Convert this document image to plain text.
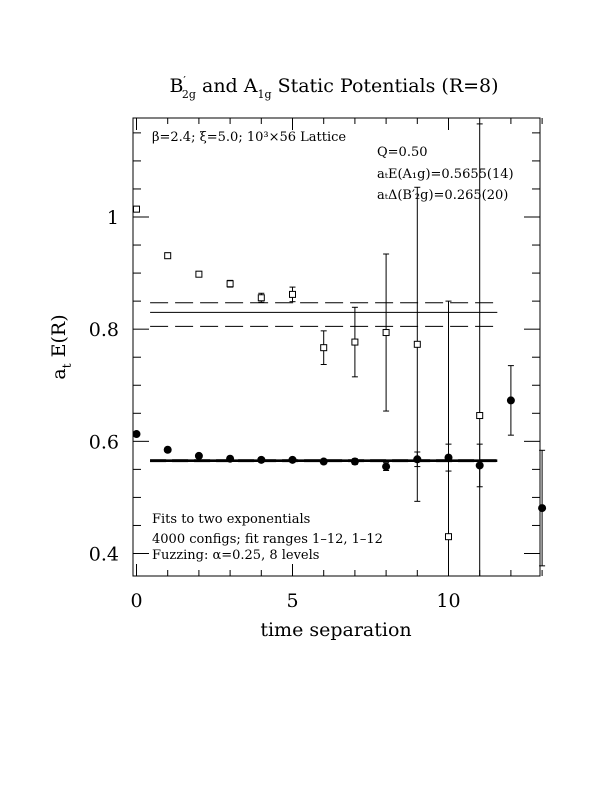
B′ 2g and $A_{1g}$ Static Potentials (R=8)
0	5	10
0.4
0.6
0.8
1
time separation
$a_t$ E(R)
β=2.4; ξ=5.0; 10³×56 Lattice
Q=0.50
aₜE(A₁g)=0.5655(14)
aₜΔ(B′₂g)=0.265(20)
Fits to two exponentials
4000 configs; fit ranges 1–12, 1–12
Fuzzing: α=0.25, 8 levels
